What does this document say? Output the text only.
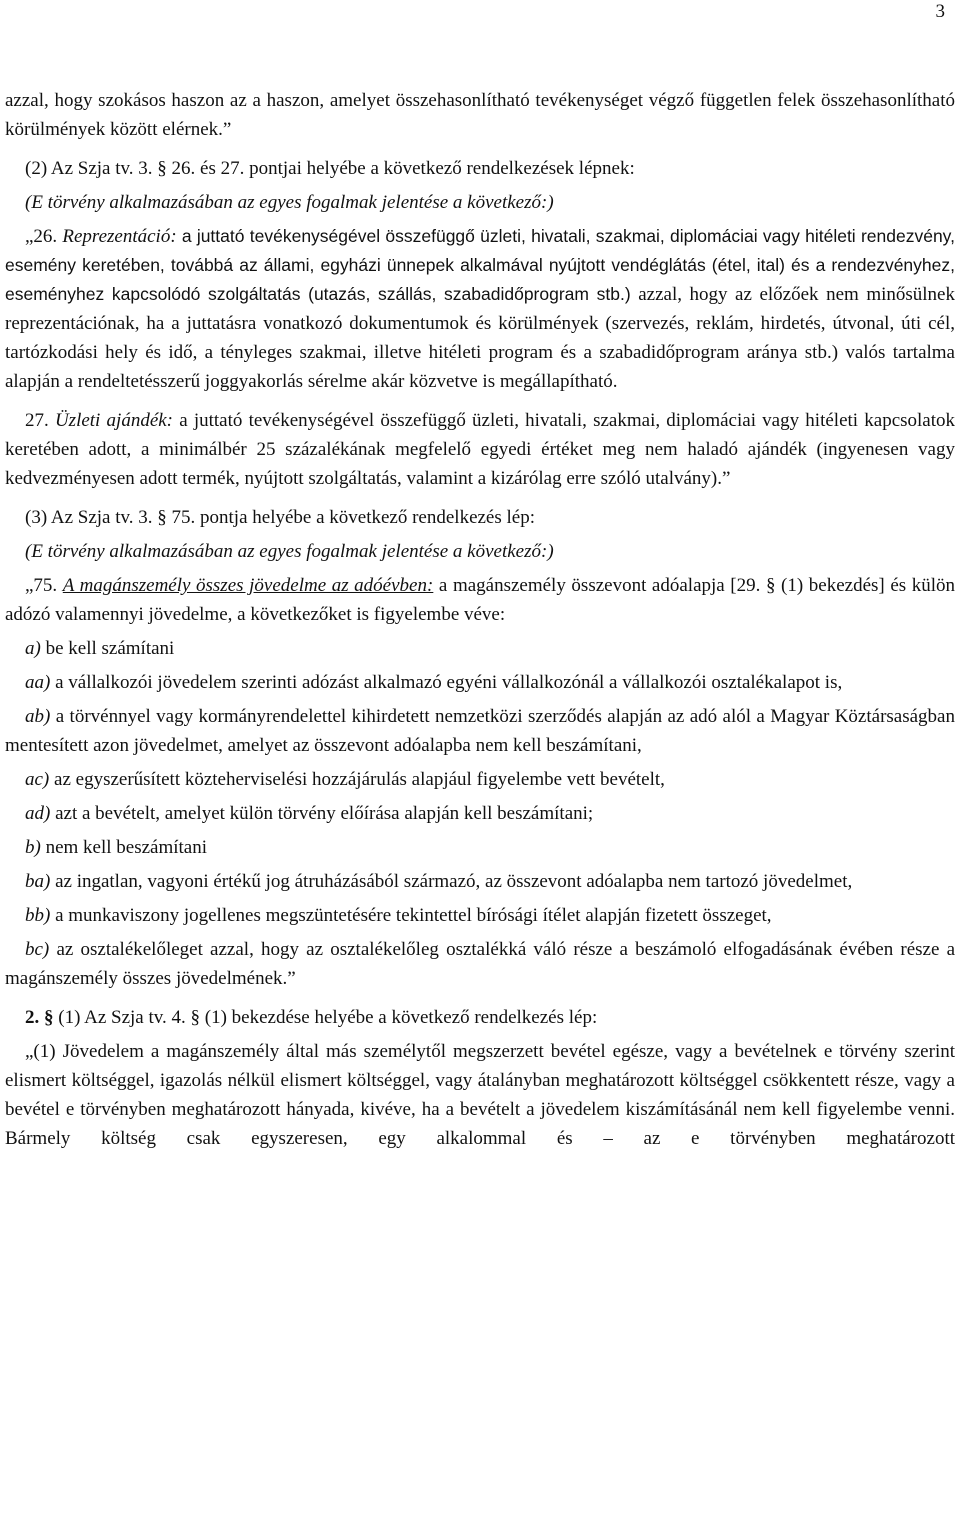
3

azzal, hogy szokásos haszon az a haszon, amelyet összehasonlítható tevékenységet végző független felek összehasonlítható körülmények között elérnek.”

(2) Az Szja tv. 3. § 26. és 27. pontjai helyébe a következő rendelkezések lépnek:

(E törvény alkalmazásában az egyes fogalmak jelentése a következő:)

„26. Reprezentáció: a juttató tevékenységével összefüggő üzleti, hivatali, szakmai, diplomáciai vagy hitéleti rendezvény, esemény keretében, továbbá az állami, egyházi ünnepek alkalmával nyújtott vendéglátás (étel, ital) és a rendezvényhez, eseményhez kapcsolódó szolgáltatás (utazás, szállás, szabadidőprogram stb.) azzal, hogy az előzőek nem minősülnek reprezentációnak, ha a juttatásra vonatkozó dokumentumok és körülmények (szervezés, reklám, hirdetés, útvonal, úti cél, tartózkodási hely és idő, a tényleges szakmai, illetve hitéleti program és a szabadidőprogram aránya stb.) valós tartalma alapján a rendeltetésszerű joggyakorlás sérelme akár közvetve is megállapítható.

27. Üzleti ajándék: a juttató tevékenységével összefüggő üzleti, hivatali, szakmai, diplomáciai vagy hitéleti kapcsolatok keretében adott, a minimálbér 25 százalékának megfelelő egyedi értéket meg nem haladó ajándék (ingyenesen vagy kedvezményesen adott termék, nyújtott szolgáltatás, valamint a kizárólag erre szóló utalvány).”

(3) Az Szja tv. 3. § 75. pontja helyébe a következő rendelkezés lép:

(E törvény alkalmazásában az egyes fogalmak jelentése a következő:)

„75. A magánszemély összes jövedelme az adóévben: a magánszemély összevont adóalapja [29. § (1) bekezdés] és külön adózó valamennyi jövedelme, a következőket is figyelembe véve:

a) be kell számítani

aa) a vállalkozói jövedelem szerinti adózást alkalmazó egyéni vállalkozónál a vállalkozói osztalékalapot is,

ab) a törvénnyel vagy kormányrendelettel kihirdetett nemzetközi szerződés alapján az adó alól a Magyar Köztársaságban mentesített azon jövedelmet, amelyet az összevont adóalapba nem kell beszámítani,

ac) az egyszerűsített közteherviselési hozzájárulás alapjául figyelembe vett bevételt,

ad) azt a bevételt, amelyet külön törvény előírása alapján kell beszámítani;

b) nem kell beszámítani

ba) az ingatlan, vagyoni értékű jog átruházásából származó, az összevont adóalapba nem tartozó jövedelmet,

bb) a munkaviszony jogellenes megszüntetésére tekintettel bírósági ítélet alapján fizetett összeget,

bc) az osztalékelőleget azzal, hogy az osztalékelőleg osztalékká váló része a beszámoló elfogadásának évében része a magánszemély összes jövedelmének.”

2. § (1) Az Szja tv. 4. § (1) bekezdése helyébe a következő rendelkezés lép:

„(1) Jövedelem a magánszemély által más személytől megszerzett bevétel egésze, vagy a bevételnek e törvény szerint elismert költséggel, igazolás nélkül elismert költséggel, vagy átalányban meghatározott költséggel csökkentett része, vagy a bevétel e törvényben meghatározott hányada, kivéve, ha a bevételt a jövedelem kiszámításánál nem kell figyelembe venni. Bármely költség csak egyszeresen, egy alkalommal és – az e törvényben meghatározott
